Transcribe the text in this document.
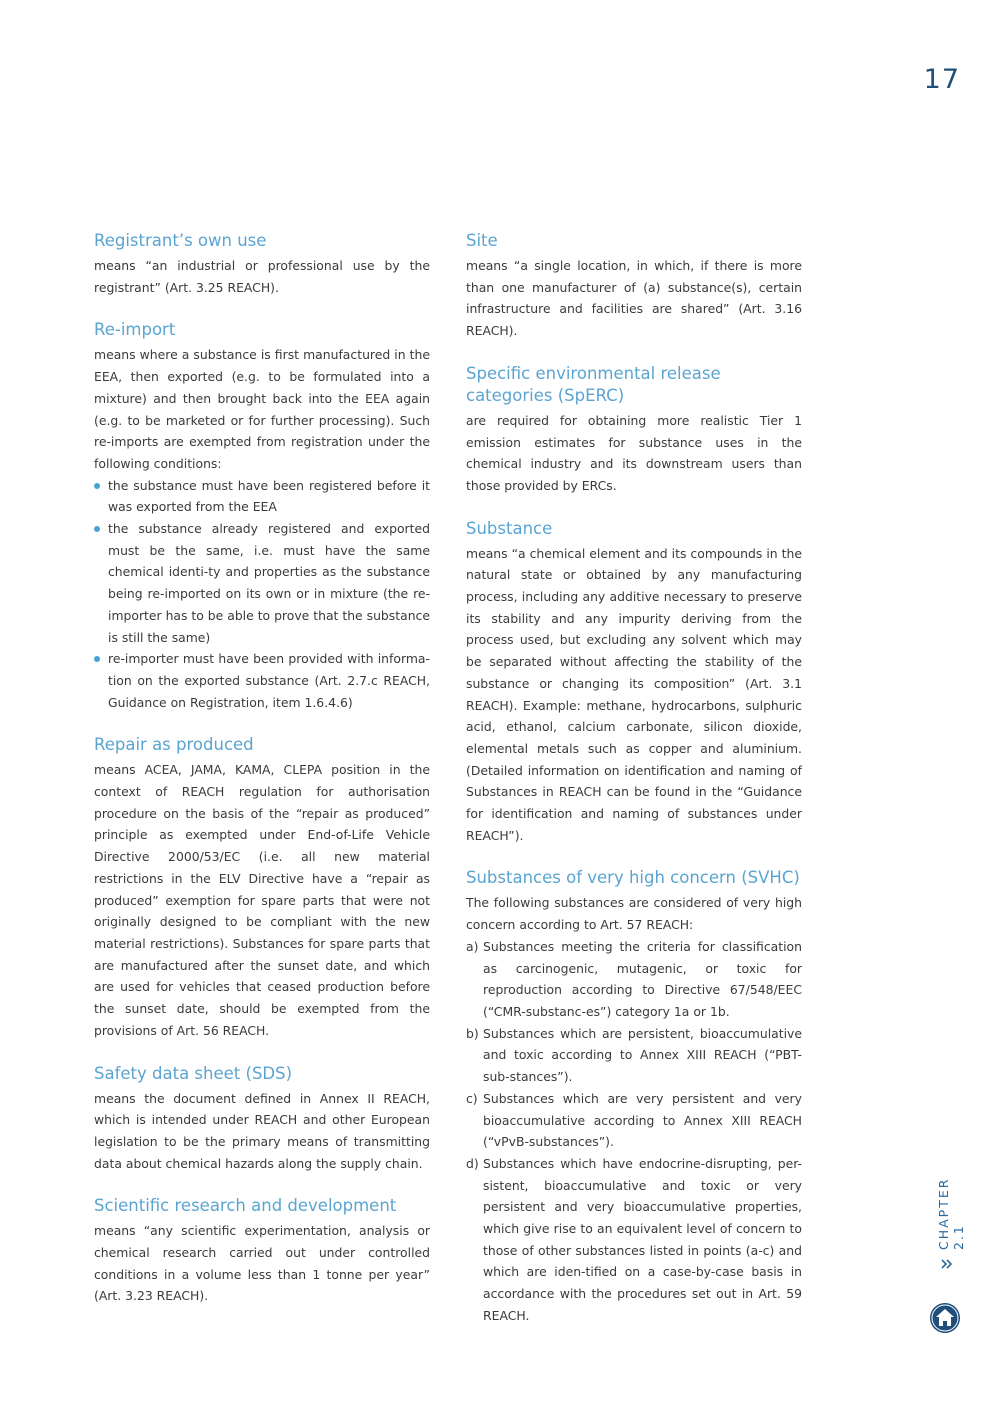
17
Registrant’s own use

means “an industrial or professional use by the registrant” (Art. 3.25 REACH).

Re-import

means where a substance is first manufactured in the EEA, then exported (e.g. to be formulated into a mixture) and then brought back into the EEA again (e.g. to be marketed or for further processing). Such re-imports are exempted from registration under the following conditions:

the substance must have been registered before it was exported from the EEA
the substance already registered and exported must be the same, i.e. must have the same chemical identi-ty and properties as the substance being re-imported on its own or in mixture (the re-importer has to be able to prove that the substance is still the same)
re-importer must have been provided with informa-tion on the exported substance (Art. 2.7.c REACH, Guidance on Registration, item 1.6.4.6)
Repair as produced

means ACEA, JAMA, KAMA, CLEPA position in the context of REACH regulation for authorisation procedure on the basis of the “repair as produced” principle as exempted under End-of-Life Vehicle Directive 2000/53/EC (i.e. all new material restrictions in the ELV Directive have a “repair as produced” exemption for spare parts that were not originally designed to be compliant with the new material restrictions). Substances for spare parts that are manufactured after the sunset date, and which are used for vehicles that ceased production before the sunset date, should be exempted from the provisions of Art. 56 REACH.

Safety data sheet (SDS)

means the document defined in Annex II REACH, which is intended under REACH and other European legislation to be the primary means of transmitting data about chemical hazards along the supply chain.

Scientific research and development

means “any scientific experimentation, analysis or chemical research carried out under controlled conditions in a volume less than 1 tonne per year” (Art. 3.23 REACH).

Site

means “a single location, in which, if there is more than one manufacturer of (a) substance(s), certain infrastructure and facilities are shared” (Art. 3.16 REACH).

Specific environmental release categories (SpERC)

are required for obtaining more realistic Tier 1 emission estimates for substance uses in the chemical industry and its downstream users than those provided by ERCs.

Substance

means “a chemical element and its compounds in the natural state or obtained by any manufacturing process, including any additive necessary to preserve its stability and any impurity deriving from the process used, but excluding any solvent which may be separated without affecting the stability of the substance or changing its composition” (Art. 3.1 REACH). Example: methane, hydrocarbons, sulphuric acid, ethanol, calcium carbonate, silicon dioxide, elemental metals such as copper and aluminium. (Detailed information on identification and naming of Substances in REACH can be found in the “Guidance for identification and naming of substances under REACH”).

Substances of very high concern (SVHC)

The following substances are considered of very high concern according to Art. 57 REACH:

a) Substances meeting the criteria for classification as carcinogenic, mutagenic, or toxic for reproduction according to Directive 67/548/EEC (“CMR-substanc-es”) category 1a or 1b.
b) Substances which are persistent, bioaccumulative and toxic according to Annex XIII REACH (“PBT-sub-stances”).
c) Substances which are very persistent and very bioaccumulative according to Annex XIII REACH (“vPvB-substances”).
d) Substances which have endocrine-disrupting, per-sistent, bioaccumulative and toxic or very persistent and very bioaccumulative properties, which give rise to an equivalent level of concern to those of other substances listed in points (a-c) and which are iden-tified on a case-by-case basis in accordance with the procedures set out in Art. 59 REACH.
CHAPTER 2.1
